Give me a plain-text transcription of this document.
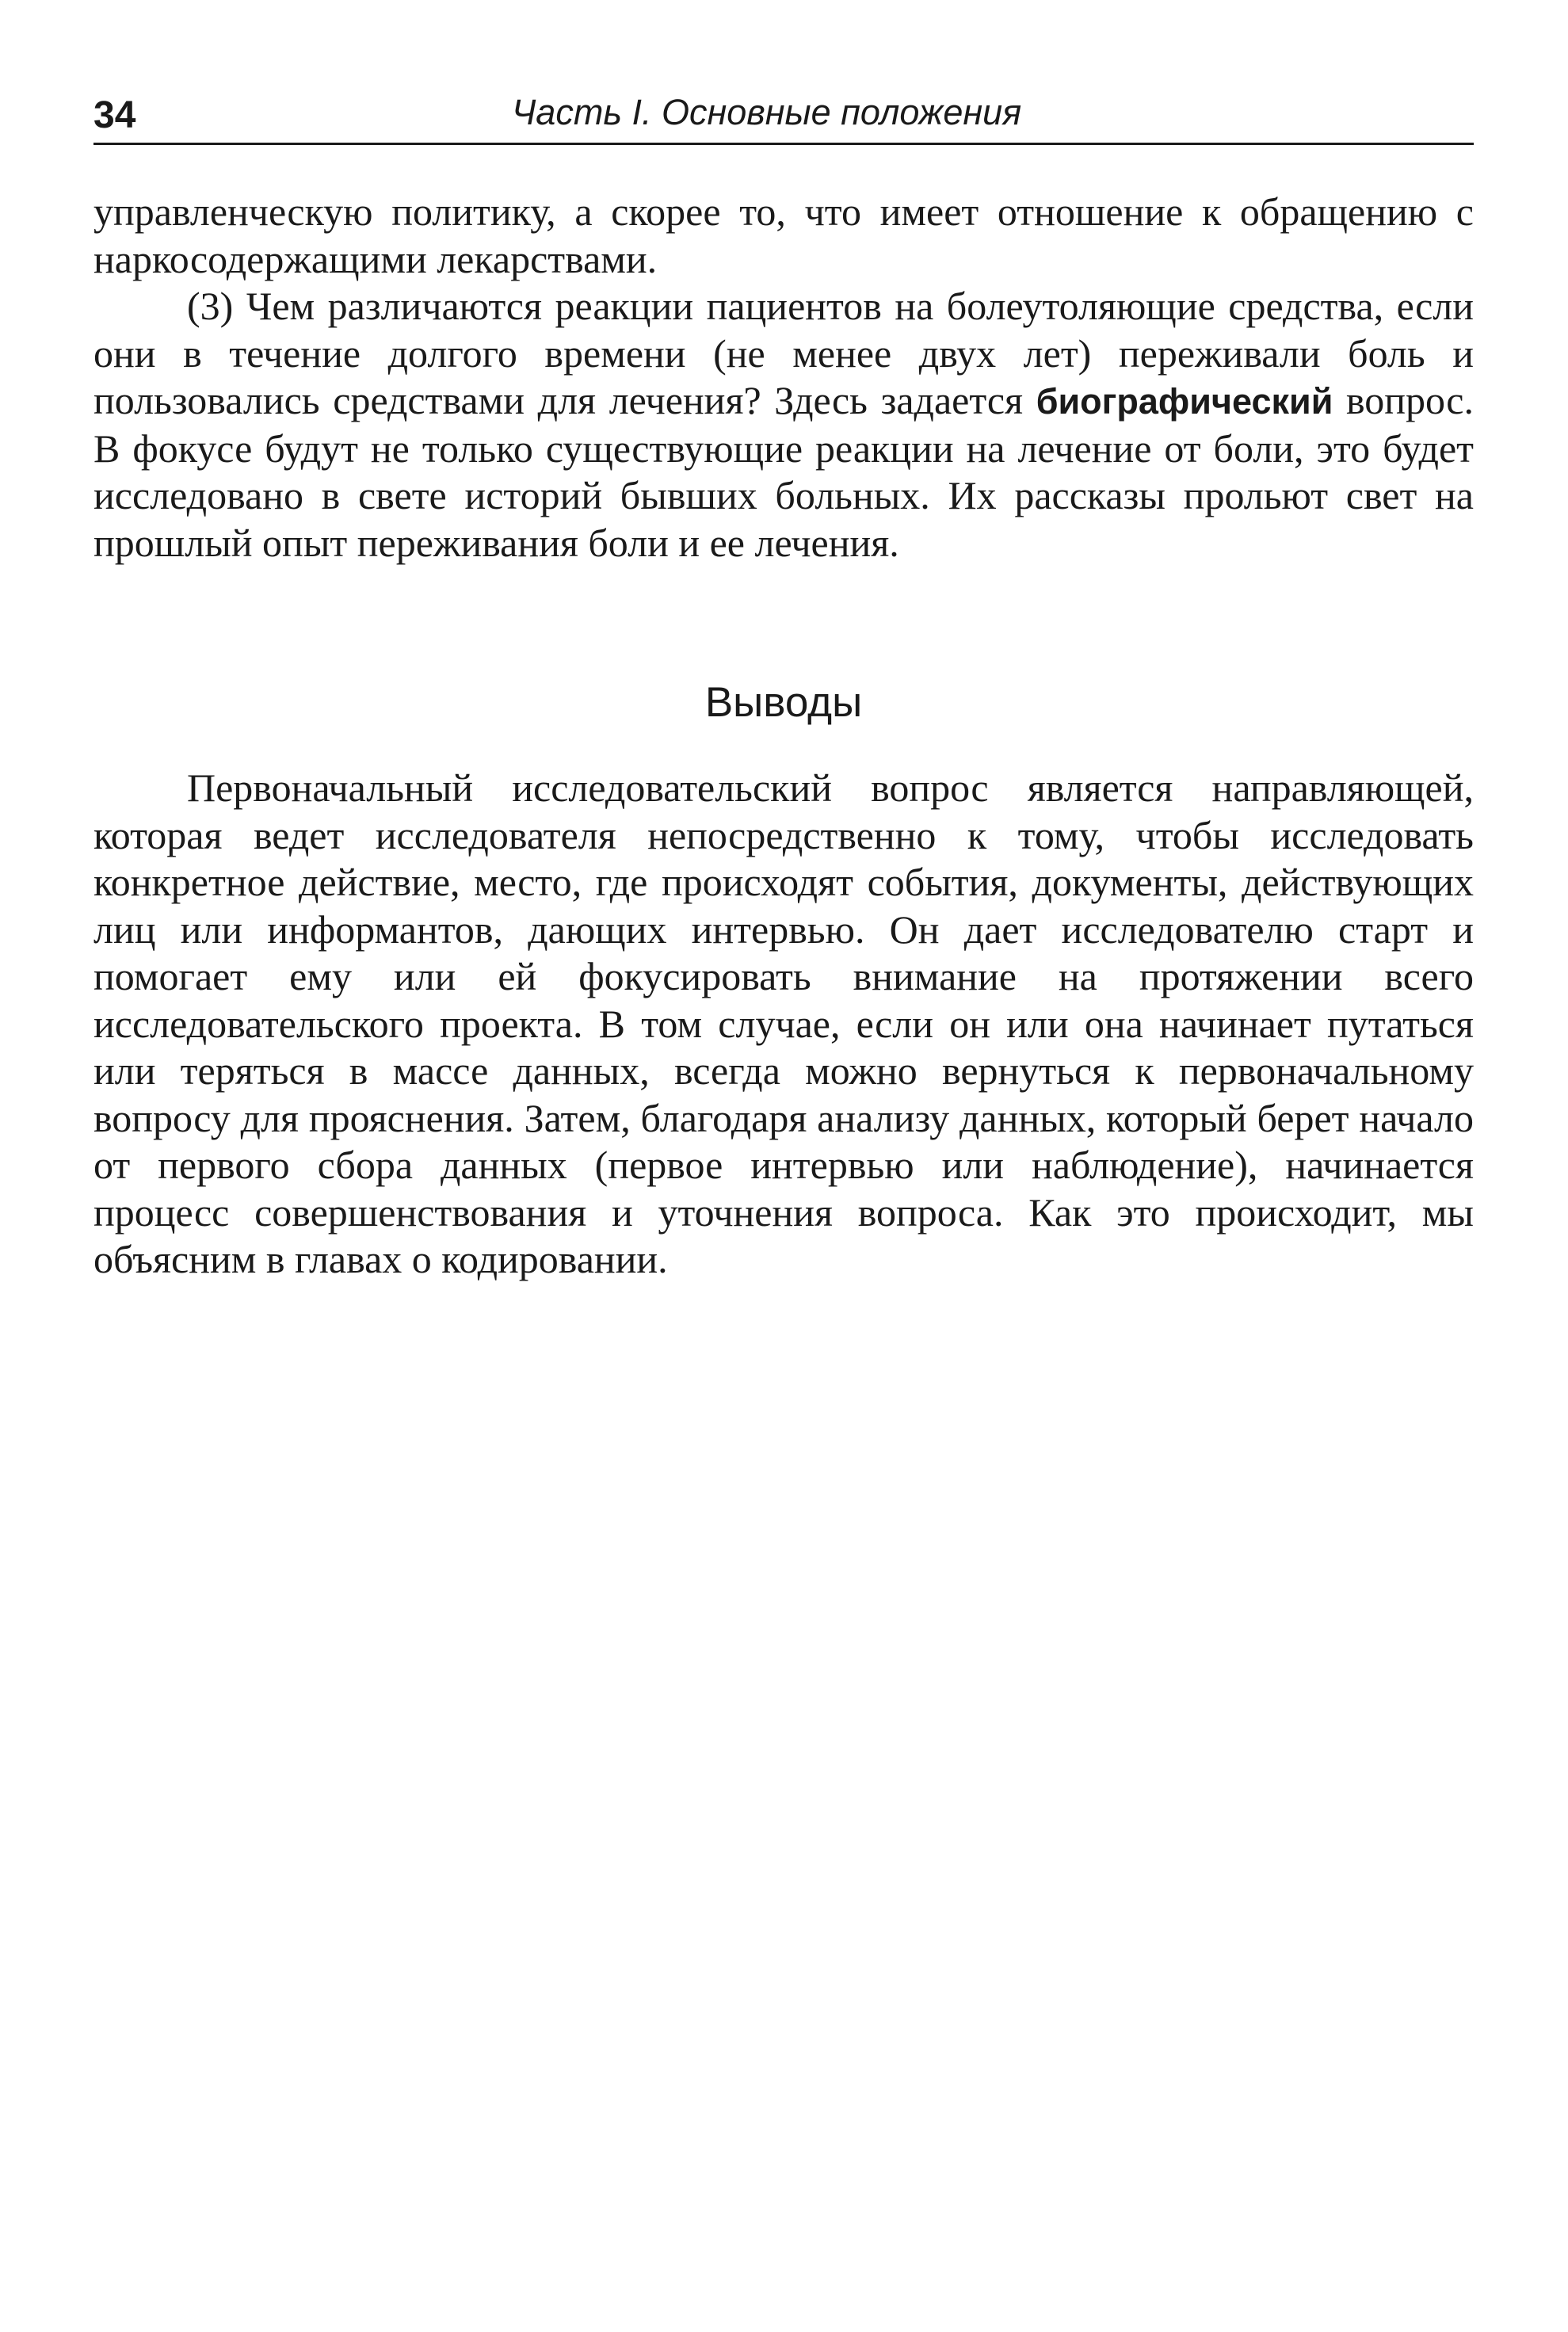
34	Часть I. Основные положения

управленческую политику, а скорее то, что имеет отношение к обращению с наркосодержащими лекарствами.

(3) Чем различаются реакции пациентов на болеутоляющие средства, если они в течение долгого времени (не менее двух лет) переживали боль и пользовались средствами для лечения? Здесь задается биографический вопрос. В фокусе будут не только существующие реакции на лечение от боли, это будет исследовано в свете историй бывших больных. Их рассказы прольют свет на прошлый опыт переживания боли и ее лечения.

Выводы

Первоначальный исследовательский вопрос является направляющей, которая ведет исследователя непосредственно к тому, чтобы исследовать конкретное действие, место, где происходят события, документы, действующих лиц или информантов, дающих интервью. Он дает исследователю старт и помогает ему или ей фокусировать внимание на протяжении всего исследовательского проекта. В том случае, если он или она начинает путаться или теряться в массе данных, всегда можно вернуться к первоначальному вопросу для прояснения. Затем, благодаря анализу данных, который берет начало от первого сбора данных (первое интервью или наблюдение), начинается процесс совершенствования и уточнения вопроса. Как это происходит, мы объясним в главах о кодировании.
